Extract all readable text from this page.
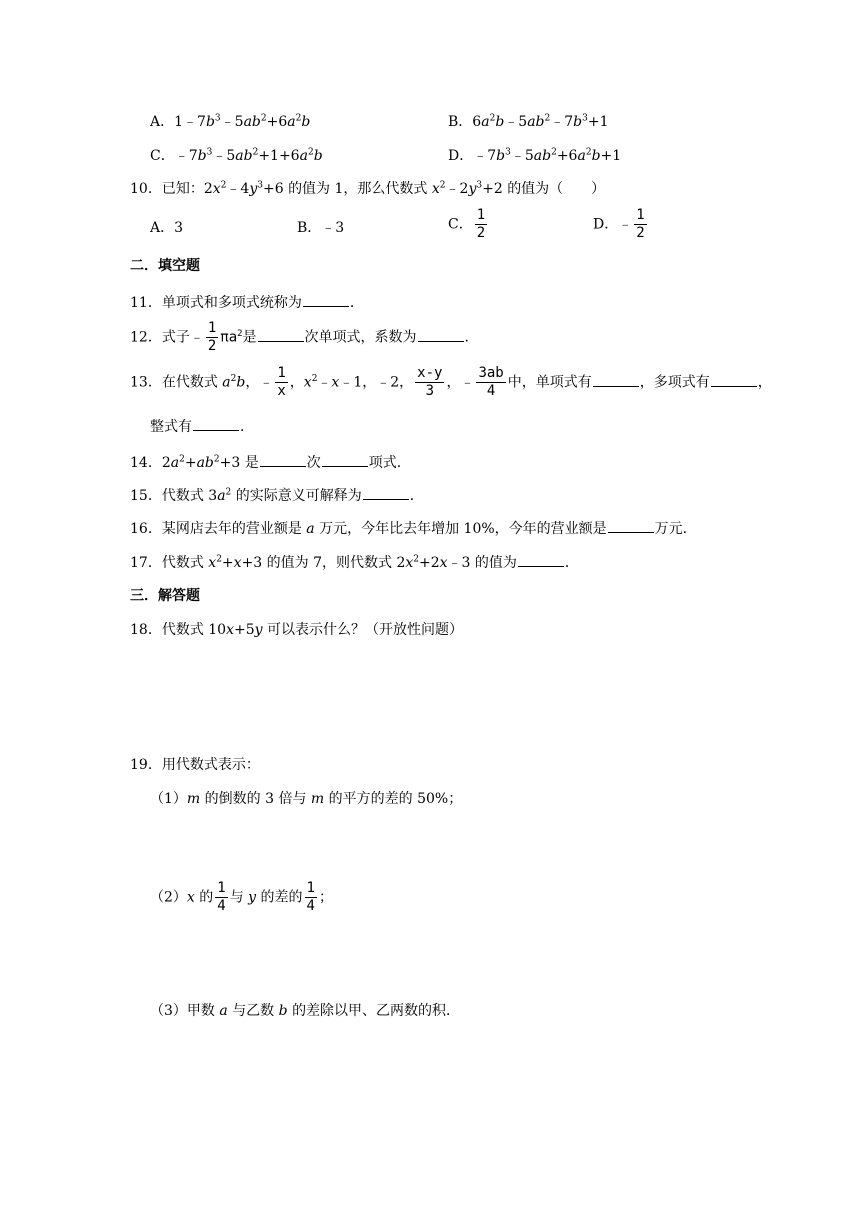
A．$1﹣7b^3﹣5ab^2+6a^2b$	B．$6a^2b﹣5ab^2﹣7b^3+1$
C．$﹣7b^3﹣5ab^2+1+6a^2b$	D．$﹣7b^3﹣5ab^2+6a^2b+1$
10．已知：$2x^2﹣4y^3+6$ 的值为 1，那么代数式 $x^2﹣2y^3+2$ 的值为（　　）
A．3	B．﹣3	C． $\frac{1}{2}$	D．﹣ $\frac{1}{2}$
二．填空题
11．单项式和多项式统称为	．
12．式子﹣ $\frac{1}{2} \pi a^2$是	次单项式，系数为	．
13．在代数式 $a^2b$，﹣ $\frac{1}{x}$ ，$x^2﹣x﹣1$，﹣2， $\frac{x-y}{3}$ ，﹣ $\frac{3ab}{4}$ 中，单项式有	，多项式有	，
整式有	．
14．$2a^2+ab^2+3$ 是	次	项式．
15．代数式 $3a^2$ 的实际意义可解释为	．
16．某网店去年的营业额是 a 万元，今年比去年增加 10%，今年的营业额是	万元．
17．代数式 $x^2+x+3$ 的值为 7，则代数式 $2x^2+2x﹣3$ 的值为	．
三．解答题
18．代数式 10x+5y 可以表示什么？（开放性问题）
19．用代数式表示：
（1）m 的倒数的 3 倍与 m 的平方的差的 50%；
（2）x 的 $\frac{1}{4}$ 与 y 的差的 $\frac{1}{4}$ ；
（3）甲数 a 与乙数 b 的差除以甲、乙两数的积．
